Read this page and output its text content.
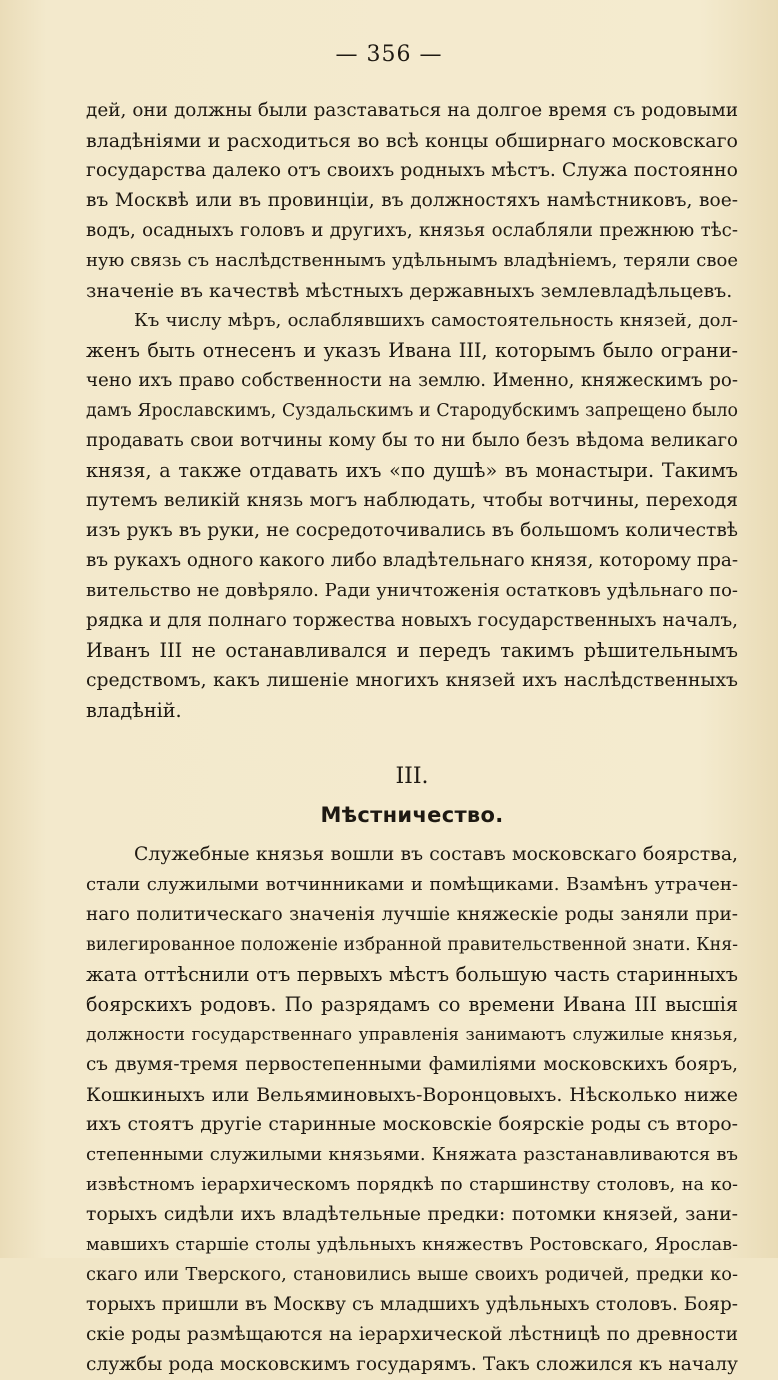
— 356 —
дей, они должны были разставаться на долгое время съ родовыми
владѣніями и расходиться во всѣ концы обширнаго московскаго
государства далеко отъ своихъ родныхъ мѣстъ. Служа постоянно
въ Москвѣ или въ провинціи, въ должностяхъ намѣстниковъ, вое-
водъ, осадныхъ головъ и другихъ, князья ослабляли прежнюю тѣс-
ную связь съ наслѣдственнымъ удѣльнымъ владѣніемъ, теряли свое
значеніе въ качествѣ мѣстныхъ державныхъ землевладѣльцевъ.
Къ числу мѣръ, ослаблявшихъ самостоятельность князей, дол-
женъ быть отнесенъ и указъ Ивана III, которымъ было ограни-
чено ихъ право собственности на землю. Именно, княжескимъ ро-
дамъ Ярославскимъ, Суздальскимъ и Стародубскимъ запрещено было
продавать свои вотчины кому бы то ни было безъ вѣдома великаго
князя, а также отдавать ихъ «по душѣ» въ монастыри. Такимъ
путемъ великій князь могъ наблюдать, чтобы вотчины, переходя
изъ рукъ въ руки, не сосредоточивались въ большомъ количествѣ
въ рукахъ одного какого либо владѣтельнаго князя, которому пра-
вительство не довѣряло. Ради уничтоженія остатковъ удѣльнаго по-
рядка и для полнаго торжества новыхъ государственныхъ началъ,
Иванъ III не останавливался и передъ такимъ рѣшительнымъ
средствомъ, какъ лишеніе многихъ князей ихъ наслѣдственныхъ
владѣній.
III.
Мѣстничество.
Служебные князья вошли въ составъ московскаго боярства,
стали служилыми вотчинниками и помѣщиками. Взамѣнъ утрачен-
наго политическаго значенія лучшіе княжескіе роды заняли при-
вилегированное положеніе избранной правительственной знати. Кня-
жата оттѣснили отъ первыхъ мѣстъ большую часть старинныхъ
боярскихъ родовъ. По разрядамъ со времени Ивана III высшія
должности государственнаго управленія занимаютъ служилые князья,
съ двумя-тремя первостепенными фамиліями московскихъ бояръ,
Кошкиныхъ или Вельяминовыхъ-Воронцовыхъ. Нѣсколько ниже
ихъ стоятъ другіе старинные московскіе боярскіе роды съ второ-
степенными служилыми князьями. Княжата разстанавливаются въ
извѣстномъ іерархическомъ порядкѣ по старшинству столовъ, на ко-
торыхъ сидѣли ихъ владѣтельные предки: потомки князей, зани-
мавшихъ старшіе столы удѣльныхъ княжествъ Ростовскаго, Ярослав-
скаго или Тверского, становились выше своихъ родичей, предки ко-
торыхъ пришли въ Москву съ младшихъ удѣльныхъ столовъ. Бояр-
скіе роды размѣщаются на іерархической лѣстницѣ по древности
службы рода московскимъ государямъ. Такъ сложился къ началу
